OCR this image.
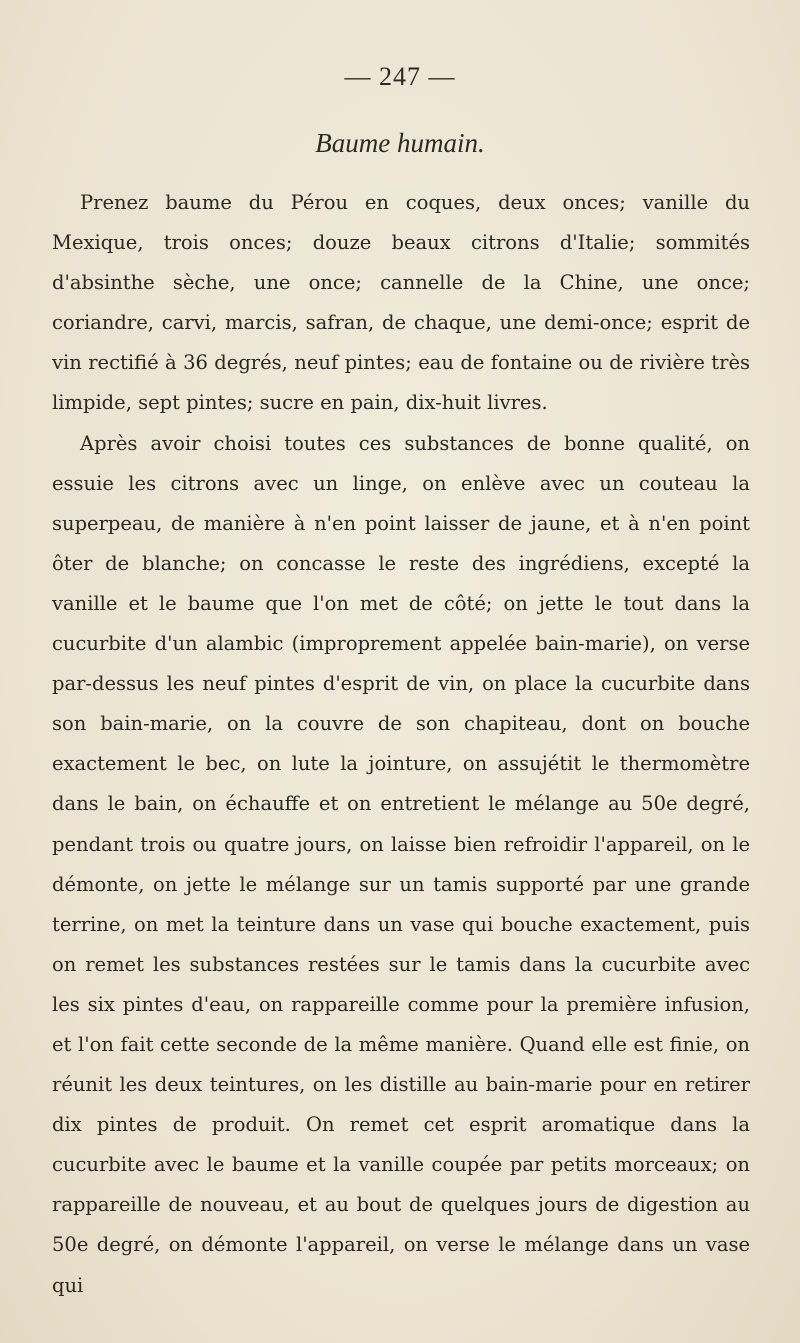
— 247 —
Baume humain.

Prenez baume du Pérou en coques, deux onces; vanille du Mexique, trois onces; douze beaux citrons d'Italie; sommités d'absinthe sèche, une once; cannelle de la Chine, une once; coriandre, carvi, marcis, safran, de chaque, une demi-once; esprit de vin rectifié à 36 degrés, neuf pintes; eau de fontaine ou de rivière très limpide, sept pintes; sucre en pain, dix-huit livres.

Après avoir choisi toutes ces substances de bonne qualité, on essuie les citrons avec un linge, on enlève avec un couteau la superpeau, de manière à n'en point laisser de jaune, et à n'en point ôter de blanche; on concasse le reste des ingrédiens, excepté la vanille et le baume que l'on met de côté; on jette le tout dans la cucurbite d'un alambic (improprement appelée bain-marie), on verse par-dessus les neuf pintes d'esprit de vin, on place la cucurbite dans son bain-marie, on la couvre de son chapiteau, dont on bouche exactement le bec, on lute la jointure, on assujétit le thermomètre dans le bain, on échauffe et on entretient le mélange au 50e degré, pendant trois ou quatre jours, on laisse bien refroidir l'appareil, on le démonte, on jette le mélange sur un tamis supporté par une grande terrine, on met la teinture dans un vase qui bouche exactement, puis on remet les substances restées sur le tamis dans la cucurbite avec les six pintes d'eau, on rappareille comme pour la première infusion, et l'on fait cette seconde de la même manière. Quand elle est finie, on réunit les deux teintures, on les distille au bain-marie pour en retirer dix pintes de produit. On remet cet esprit aromatique dans la cucurbite avec le baume et la vanille coupée par petits morceaux; on rappareille de nouveau, et au bout de quelques jours de digestion au 50e degré, on démonte l'appareil, on verse le mélange dans un vase qui
